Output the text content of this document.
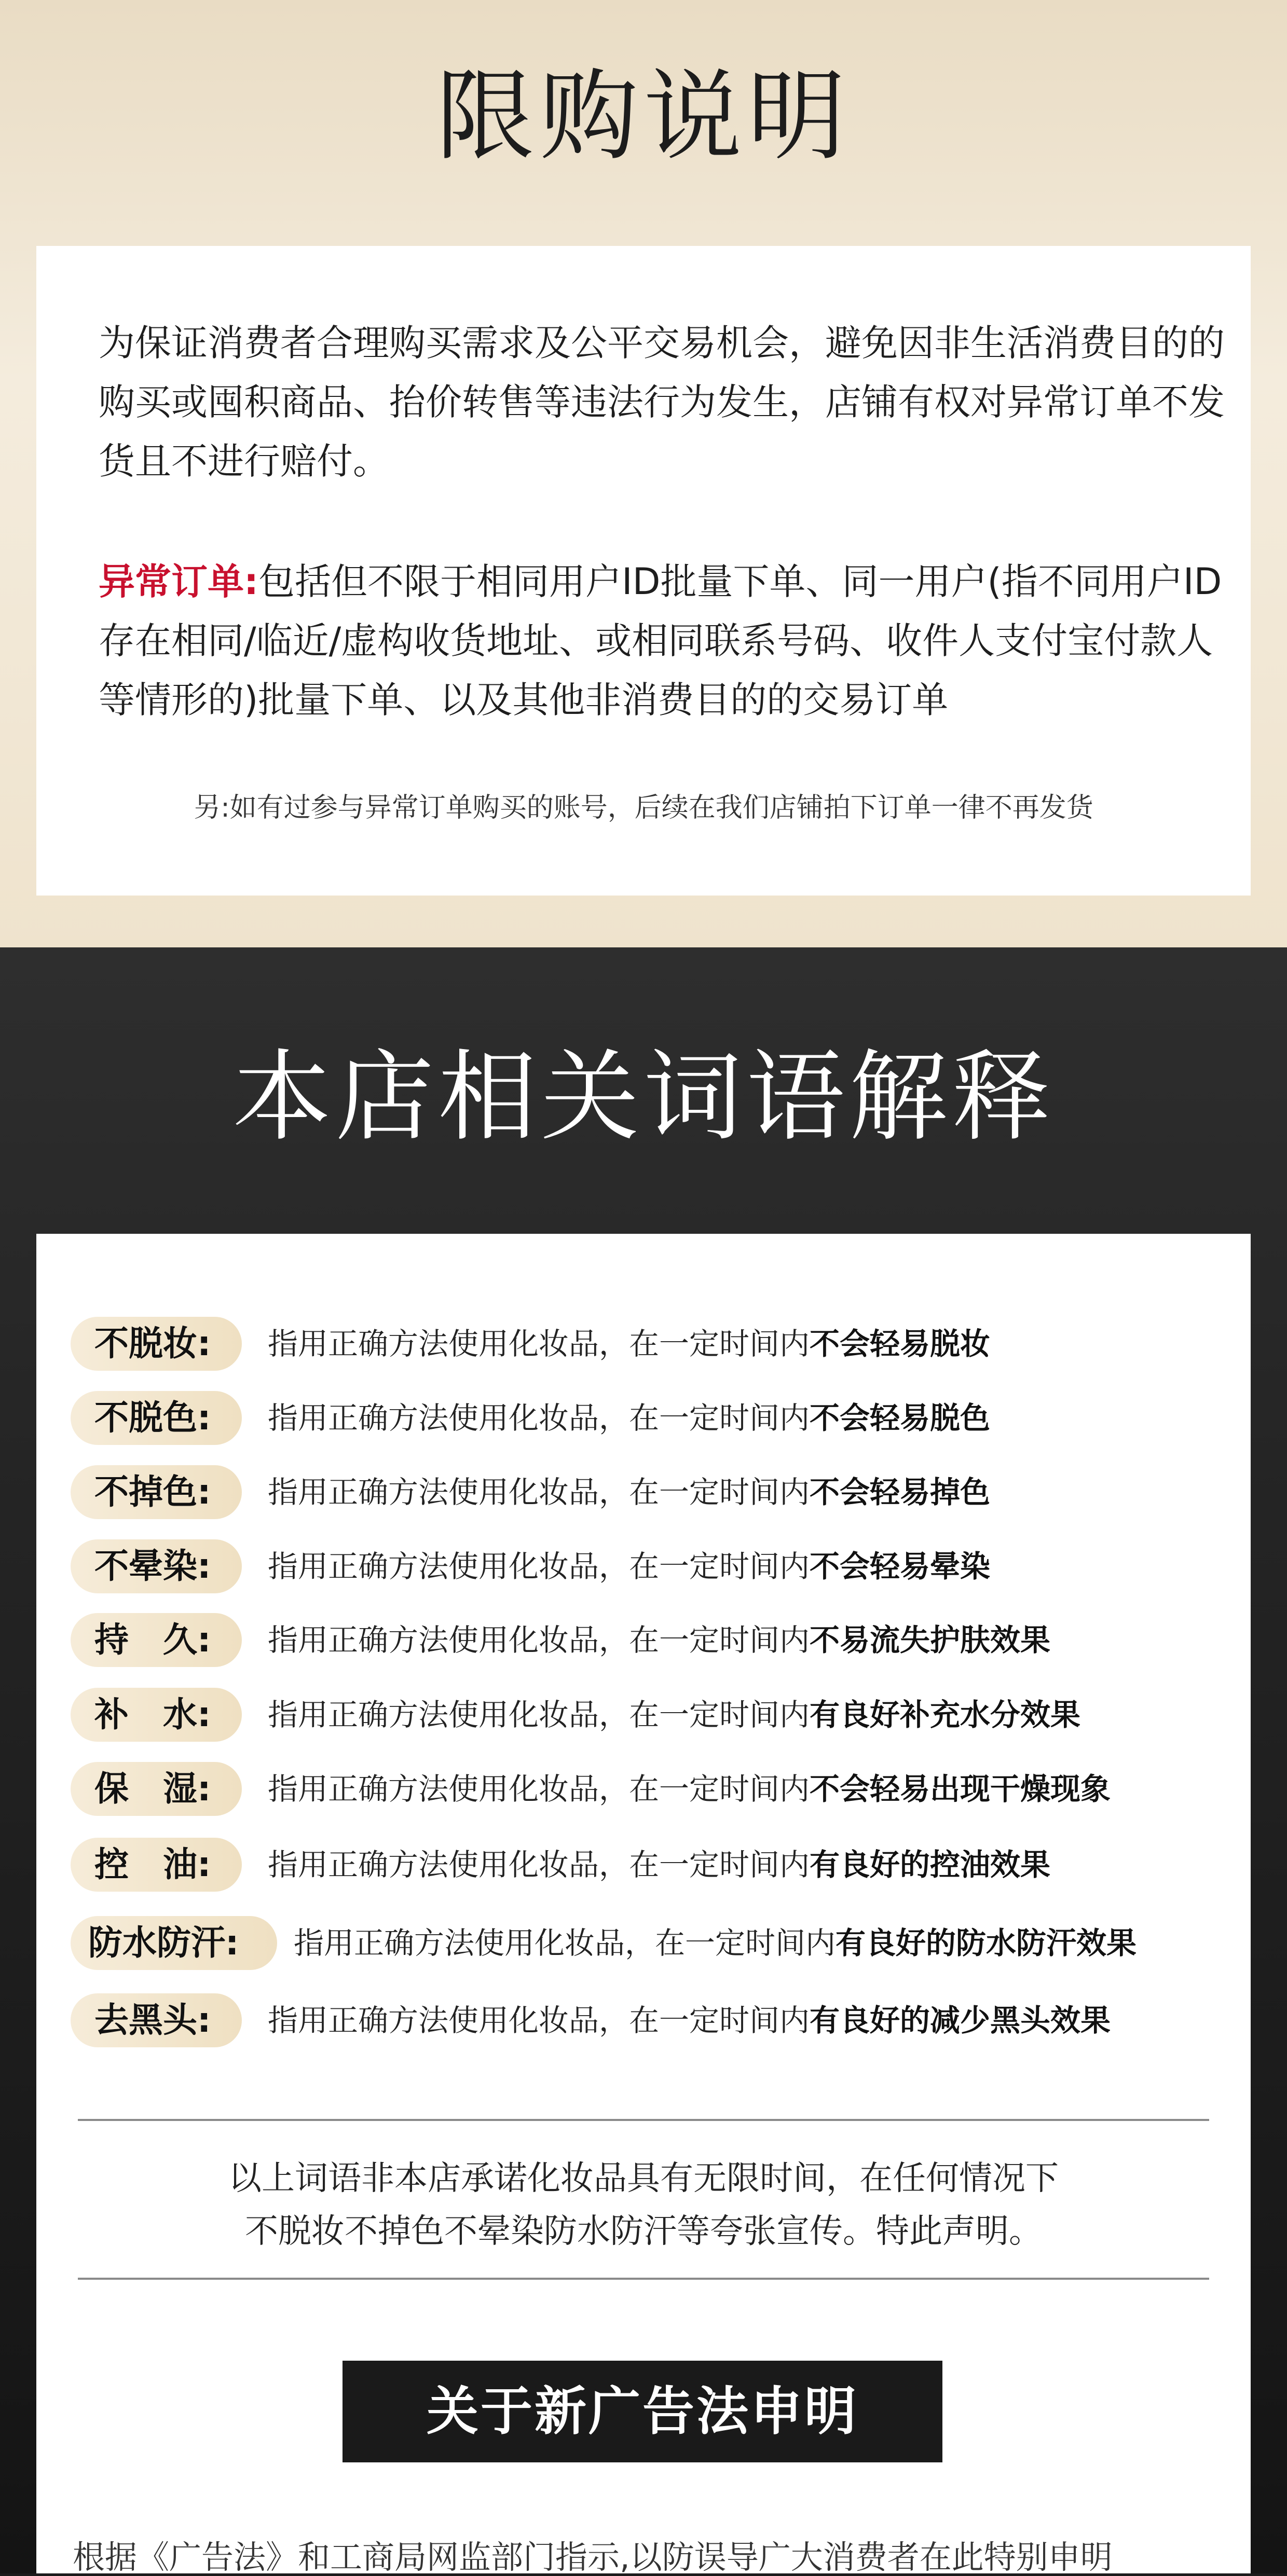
限购说明

为保证消费者合理购买需求及公平交易机会，避免因非生活消费目的的购买或囤积商品、抬价转售等违法行为发生，店铺有权对异常订单不发货且不进行赔付。

异常订单:包括但不限于相同用户ID批量下单、同一用户(指不同用户ID存在相同/临近/虚构收货地址、或相同联系号码、收件人支付宝付款人等情形的)批量下单、以及其他非消费目的的交易订单

另:如有过参与异常订单购买的账号，后续在我们店铺拍下订单一律不再发货

本店相关词语解释
不脱妆:	指用正确方法使用化妆品，在一定时间内不会轻易脱妆
不脱色:	指用正确方法使用化妆品，在一定时间内不会轻易脱色
不掉色:	指用正确方法使用化妆品，在一定时间内不会轻易掉色
不晕染:	指用正确方法使用化妆品，在一定时间内不会轻易晕染
持　久:	指用正确方法使用化妆品，在一定时间内不易流失护肤效果
补　水:	指用正确方法使用化妆品，在一定时间内有良好补充水分效果
保　湿:	指用正确方法使用化妆品，在一定时间内不会轻易出现干燥现象
控　油:	指用正确方法使用化妆品，在一定时间内有良好的控油效果
防水防汗:	指用正确方法使用化妆品，在一定时间内有良好的防水防汗效果
去黑头:	指用正确方法使用化妆品，在一定时间内有良好的减少黑头效果

以上词语非本店承诺化妆品具有无限时间，在任何情况下

不脱妆不掉色不晕染防水防汗等夸张宣传。特此声明。

关于新广告法申明

根据《广告法》和工商局网监部门指示,以防误导广大消费者在此特别申明
